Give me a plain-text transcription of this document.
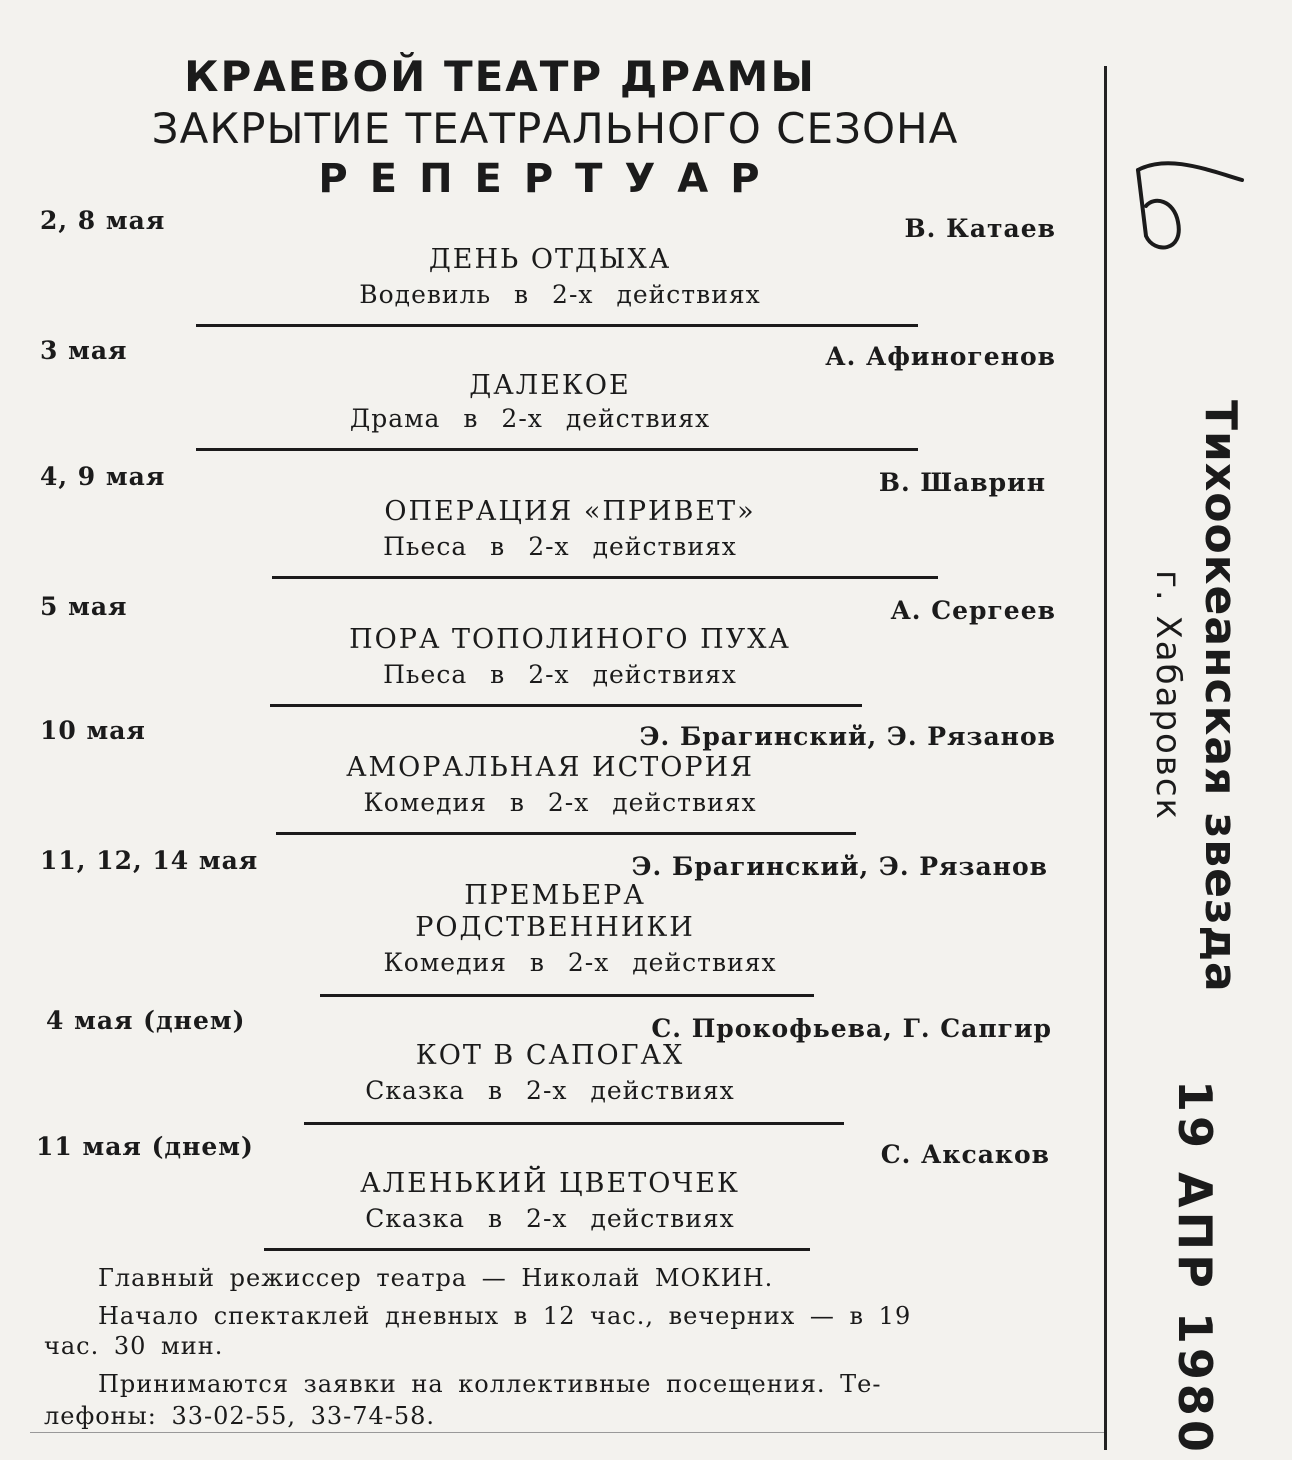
КРАЕВОЙ ТЕАТР ДРАМЫ
ЗАКРЫТИЕ ТЕАТРАЛЬНОГО СЕЗОНА
РЕПЕРТУАР
2, 8 мая	В. Катаев
ДЕНЬ ОТДЫХА
Водевиль в 2-х действиях
3 мая	А. Афиногенов
ДАЛЕКОЕ
Драма в 2-х действиях
4, 9 мая	В. Шаврин
ОПЕРАЦИЯ «ПРИВЕТ»
Пьеса в 2-х действиях
5 мая	А. Сергеев
ПОРА ТОПОЛИНОГО ПУХА
Пьеса в 2-х действиях
10 мая	Э. Брагинский, Э. Рязанов
АМОРАЛЬНАЯ ИСТОРИЯ
Комедия в 2-х действиях
11, 12, 14 мая	Э. Брагинский, Э. Рязанов
ПРЕМЬЕРА
РОДСТВЕННИКИ
Комедия в 2-х действиях
4 мая (днем)	С. Прокофьева, Г. Сапгир
КОТ В САПОГАХ
Сказка в 2-х действиях
11 мая (днем)	С. Аксаков
АЛЕНЬКИЙ ЦВЕТОЧЕК
Сказка в 2-х действиях
Главный режиссер театра — Николай МОКИН.
Начало спектаклей дневных в 12 час., вечерних — в 19
час. 30 мин.
Принимаются заявки на коллективные посещения. Те-
лефоны: 33-02-55, 33-74-58.
Тихоокеанская звезда
г. Хабаровск
19 АПР 1980
